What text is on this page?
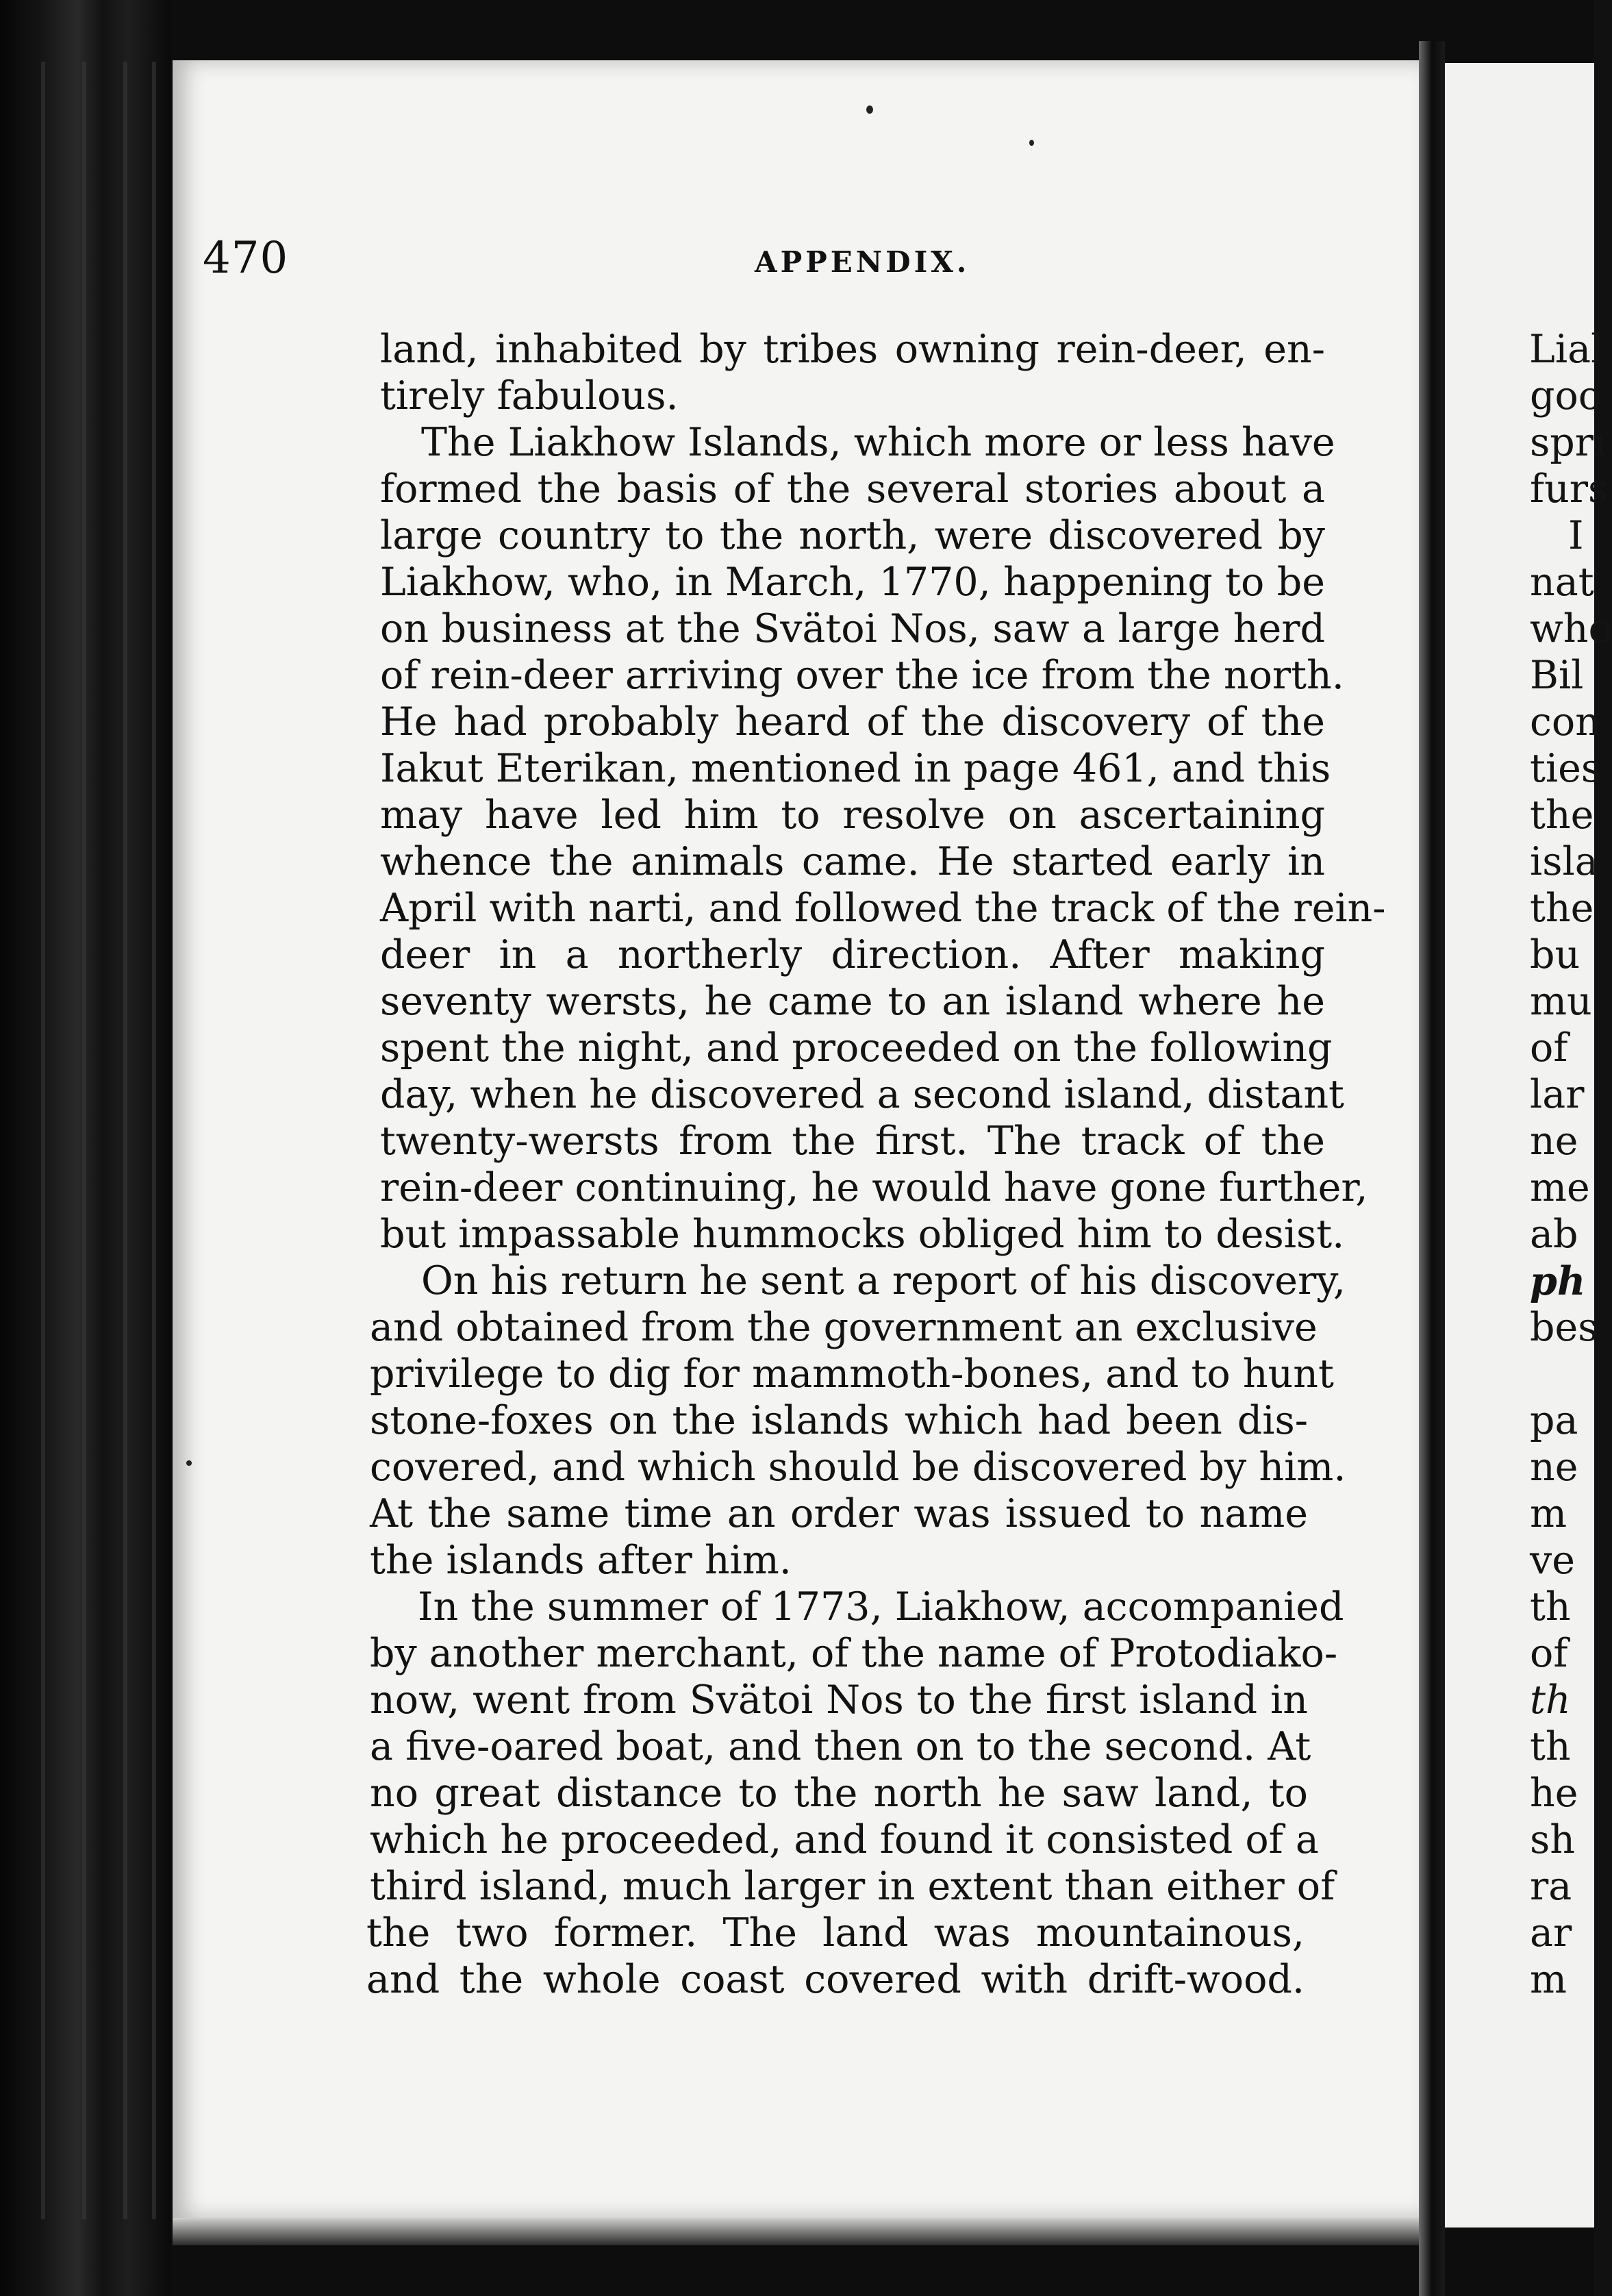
470	APPENDIX.
land, inhabited by tribes owning rein-deer, en-
tirely fabulous.
The Liakhow Islands, which more or less have
formed the basis of the several stories about a
large country to the north, were discovered by
Liakhow, who, in March, 1770, happening to be
on business at the Svätoi Nos, saw a large herd
of rein-deer arriving over the ice from the north.
He had probably heard of the discovery of the
Iakut Eterikan, mentioned in page 461, and this
may have led him to resolve on ascertaining
whence the animals came. He started early in
April with narti, and followed the track of the rein-
deer in a northerly direction. After making
seventy wersts, he came to an island where he
spent the night, and proceeded on the following
day, when he discovered a second island, distant
twenty-wersts from the first. The track of the
rein-deer continuing, he would have gone further,
but impassable hummocks obliged him to desist.
On his return he sent a report of his discovery,
and obtained from the government an exclusive
privilege to dig for mammoth-bones, and to hunt
stone-foxes on the islands which had been dis-
covered, and which should be discovered by him.
At the same time an order was issued to name
the islands after him.
In the summer of 1773, Liakhow, accompanied
by another merchant, of the name of Protodiako-
now, went from Svätoi Nos to the first island in
a five-oared boat, and then on to the second. At
no great distance to the north he saw land, to
which he proceeded, and found it consisted of a
third island, much larger in extent than either of
the two former. The land was mountainous,
and the whole coast covered with drift-wood.
Lial
goo
spri
furs
I
nat
who
Bil
con
ties
the
isla
the
bu
mu
of
lar
ne
me
ab
ph
bes
pa
ne
m
ve
th
of
th
th
he
sh
ra
ar
m
